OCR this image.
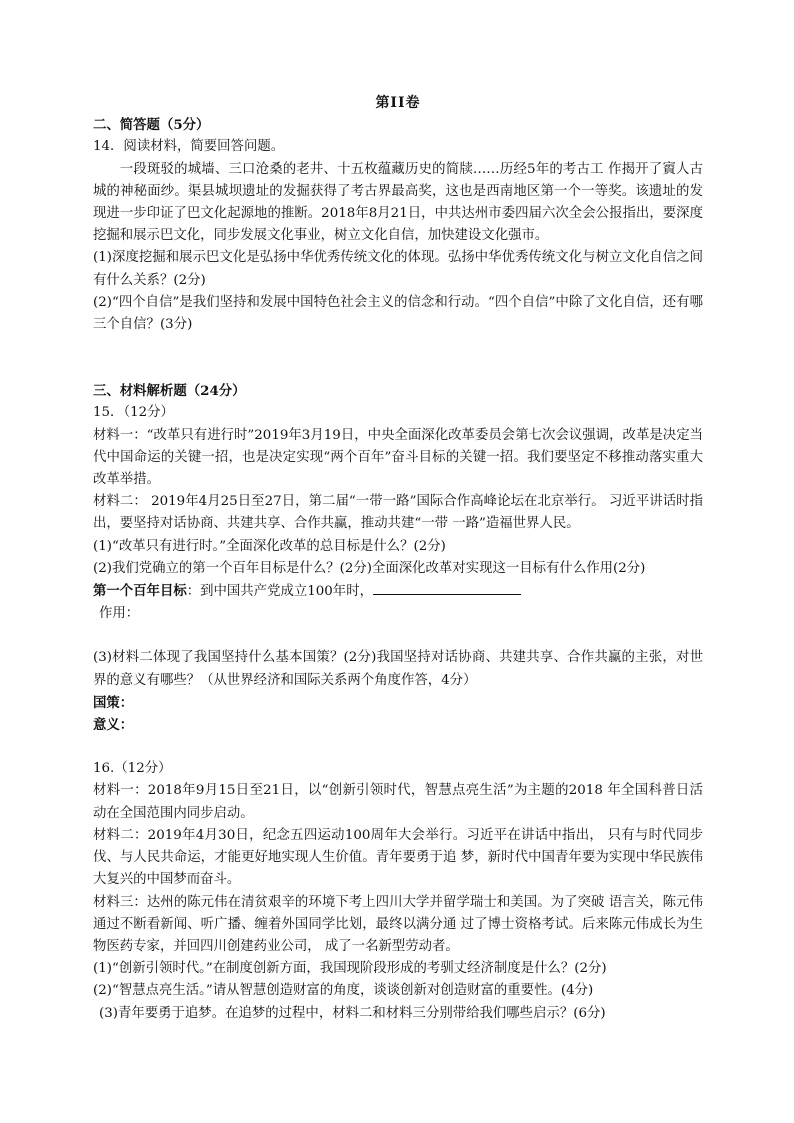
第II卷

二、简答题（5分）

14．阅读材料，简要回答问题。

一段斑驳的城墙、三口沧桑的老井、十五枚蕴藏历史的简牍……历经5年的考古工 作揭开了賨人古城的神秘面纱。渠县城坝遗址的发掘获得了考古界最高奖，这也是西南地区第一个一等奖。该遗址的发现进一步印证了巴文化起源地的推断。2018年8月21日，中共达州市委四届六次全会公报指出，要深度挖掘和展示巴文化，同步发展文化事业，树立文化自信，加快建设文化强市。

(1)深度挖掘和展示巴文化是弘扬中华优秀传统文化的体现。弘扬中华优秀传统文化与树立文化自信之间有什么关系？(2分)

(2)“四个自信”是我们坚持和发展中国特色社会主义的信念和行动。“四个自信”中除了文化自信，还有哪三个自信？(3分)

三、材料解析题（24分）

15．（12分）

材料一：“改革只有进行时”2019年3月19日，中央全面深化改革委员会第七次会议强调，改革是决定当代中国命运的关键一招，也是决定实现“两个百年”奋斗目标的关键一招。我们要坚定不移推动落实重大改革举措。

材料二： 2019年4月25日至27日，第二届“一带一路”国际合作高峰论坛在北京举行。 习近平讲话时指出，要坚持对话协商、共建共享、合作共赢，推动共建“一带 一路”造福世界人民。

(1)“改革只有进行时。”全面深化改革的总目标是什么？(2分)

(2)我们党确立的第一个百年目标是什么？(2分)全面深化改革对实现这一目标有什么作用(2分)

第一个百年目标：到中国共产党成立100年时，

作用：

(3)材料二体现了我国坚持什么基本国策？(2分)我国坚持对话协商、共建共享、合作共赢的主张，对世界的意义有哪些？（从世界经济和国际关系两个角度作答，4分）

国策：

意义：

16.（12分）

材料一：2018年9月15日至21日，以“创新引领时代，智慧点亮生活”为主题的2018 年全国科普日活动在全国范围内同步启动。

材料二：2019年4月30日，纪念五四运动100周年大会举行。习近平在讲话中指出， 只有与时代同步伐、与人民共命运，才能更好地实现人生价值。青年要勇于追 梦，新时代中国青年要为实现中华民族伟大复兴的中国梦而奋斗。

材料三：达州的陈元伟在清贫艰辛的环境下考上四川大学并留学瑞士和美国。为了突破 语言关，陈元伟通过不断看新闻、听广播、缠着外国同学比划，最终以满分通 过了博士资格考试。后来陈元伟成长为生物医药专家，并回四川创建药业公司， 成了一名新型劳动者。

(1)“创新引领时代。”在制度创新方面，我国现阶段形成的考驯丈经济制度是什么？(2分)

(2)“智慧点亮生活。”请从智慧创造财富的角度，谈谈创新对创造财富的重要性。(4分)

(3)青年要勇于追梦。在追梦的过程中，材料二和材料三分别带给我们哪些启示？(6分)
